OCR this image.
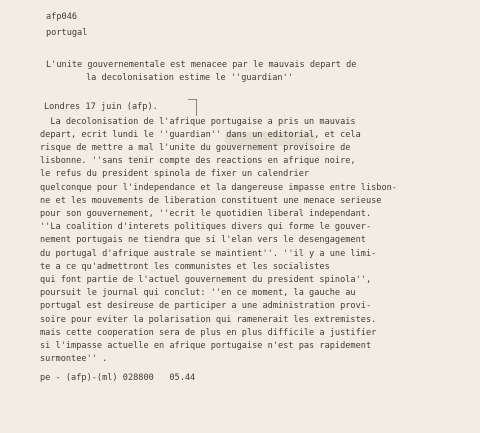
afp046
portugal
L'unite gouvernementale est menacee par le mauvais depart de
la decolonisation estime le ''guardian''
Londres 17 juin (afp).
La decolonisation de l'afrique portugaise a pris un mauvais
depart, ecrit lundi le ''guardian'' dans un editorial, et cela
risque de mettre a mal l'unite du gouvernement provisoire de
lisbonne. ''sans tenir compte des reactions en afrique noire,
le refus du president spinola de fixer un calendrier
quelconque pour l'independance et la dangereuse impasse entre lisbon-
ne et les mouvements de liberation constituent une menace serieuse
pour son gouvernement, ''ecrit le quotidien liberal independant.
''La coalition d'interets politiques divers qui forme le gouver-
nement portugais ne tiendra que si l'elan vers le desengagement
du portugal d'afrique australe se maintient''. ''il y a une limi-
te a ce qu'admettront les communistes et les socialistes
qui font partie de l'actuel gouvernement du president spinola'',
poursuit le journal qui conclut: ''en ce moment, la gauche au
portugal est desireuse de participer a une administration provi-
soire pour eviter la polarisation qui ramenerait les extremistes.
mais cette cooperation sera de plus en plus difficile a justifier
si l'impasse actuelle en afrique portugaise n'est pas rapidement
surmontee'' .
pe - (afp)-(ml) 028800   05.44
